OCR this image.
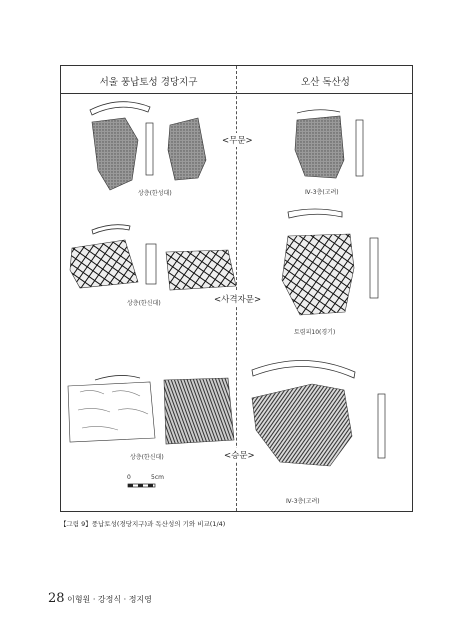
서울 풍납토성 경당지구	오산 독산성
<무문>
상층(한성대)	Ⅳ-3층(고려)
<사격자문>
상층(한신대)
토렴피10(경기)
<승문>
상층(한신대)
Ⅳ-3층(고려)
0	5cm
【그림 9】풍납토성(경당지구)과 독산성의 기와 비교(1/4)
28 이형원 · 강정식 · 정지영
